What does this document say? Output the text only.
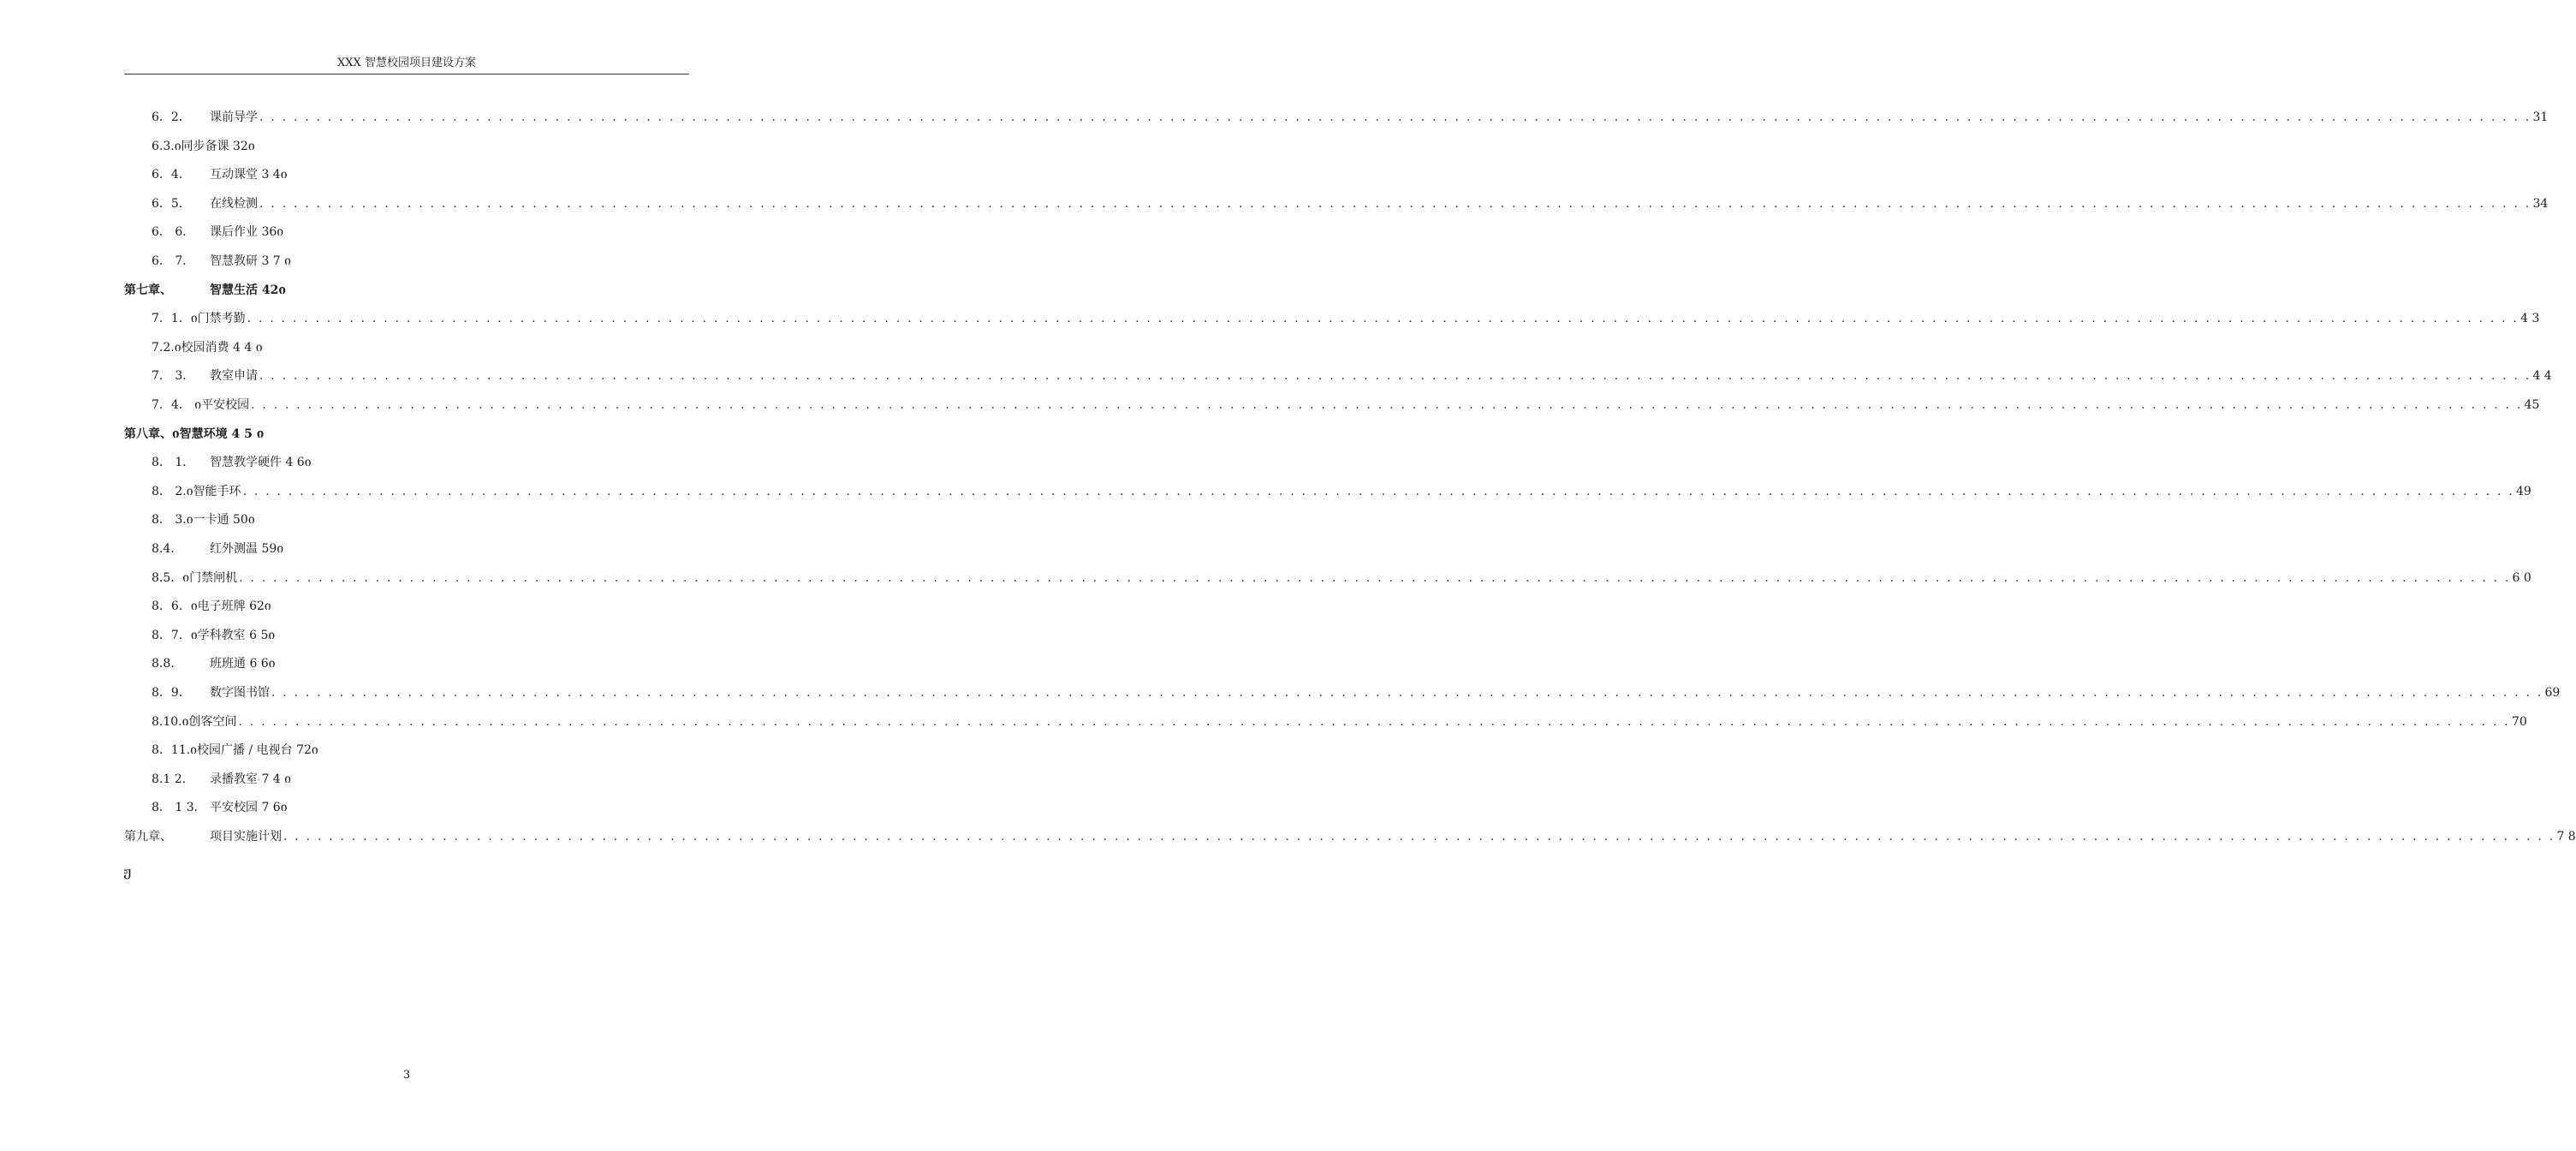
XXX 智慧校园项目建设方案
6．2． 课前导学 . . . . . . . . . . . . . . . . . . . . . . . . . . . . . . . . . . . . . . . . . . . . . . . . . . . . . . . . . . . . . . . . . . . . . . . . . . . . . . . . . . . . . . . . . . . . . . . . . . . . . . . . . . . . . . . . . . . . . . . . . . . . . . . . . . . . . . . . . . . . . . . . . . . . . . . . . . . . . . . . . . . . . . . . . . . . . . . . . . . . . . . . . . . . . . . . . . . . . . . . 31
6.3.ი同步备课 32ი
6．4． 互动课堂 3 4ი
6．5． 在线检测 . . . . . . . . . . . . . . . . . . . . . . . . . . . . . . . . . . . . . . . . . . . . . . . . . . . . . . . . . . . . . . . . . . . . . . . . . . . . . . . . . . . . . . . . . . . . . . . . . . . . . . . . . . . . . . . . . . . . . . . . . . . . . . . . . . . . . . . . . . . . . . . . . . . . . . . . . . . . . . . . . . . . . . . . . . . . . . . . . . . . . . . . . . . . . . . . . . . . . . . . 34
6． 6． 课后作业 36ი
6． 7． 智慧教研 3 7 ი
第七章、	智慧生活 42ი
7．1．ი门禁考勤 . . . . . . . . . . . . . . . . . . . . . . . . . . . . . . . . . . . . . . . . . . . . . . . . . . . . . . . . . . . . . . . . . . . . . . . . . . . . . . . . . . . . . . . . . . . . . . . . . . . . . . . . . . . . . . . . . . . . . . . . . . . . . . . . . . . . . . . . . . . . . . . . . . . . . . . . . . . . . . . . . . . . . . . . . . . . . . . . . . . . . . . . . . . . . . . . . . . . . . . . 4 3
7.2.ი校园消费 4 4 ი
7． 3． 教室申请 . . . . . . . . . . . . . . . . . . . . . . . . . . . . . . . . . . . . . . . . . . . . . . . . . . . . . . . . . . . . . . . . . . . . . . . . . . . . . . . . . . . . . . . . . . . . . . . . . . . . . . . . . . . . . . . . . . . . . . . . . . . . . . . . . . . . . . . . . . . . . . . . . . . . . . . . . . . . . . . . . . . . . . . . . . . . . . . . . . . . . . . . . . . . . . . . . . . . . . . . 4 4
7．4． ი平安校园 . . . . . . . . . . . . . . . . . . . . . . . . . . . . . . . . . . . . . . . . . . . . . . . . . . . . . . . . . . . . . . . . . . . . . . . . . . . . . . . . . . . . . . . . . . . . . . . . . . . . . . . . . . . . . . . . . . . . . . . . . . . . . . . . . . . . . . . . . . . . . . . . . . . . . . . . . . . . . . . . . . . . . . . . . . . . . . . . . . . . . . . . . . . . . . . . . . . . . . . . 45
第八章、ი智慧环境 4 5 ი
8． 1． 智慧教学硬件 4 6ი
8． 2.ი智能手环 . . . . . . . . . . . . . . . . . . . . . . . . . . . . . . . . . . . . . . . . . . . . . . . . . . . . . . . . . . . . . . . . . . . . . . . . . . . . . . . . . . . . . . . . . . . . . . . . . . . . . . . . . . . . . . . . . . . . . . . . . . . . . . . . . . . . . . . . . . . . . . . . . . . . . . . . . . . . . . . . . . . . . . . . . . . . . . . . . . . . . . . . . . . . . . . . . . . . . . . . 49
8． 3.ი一卡通 50ი
8.4． 红外测温 59ი
8.5．ი门禁闸机 . . . . . . . . . . . . . . . . . . . . . . . . . . . . . . . . . . . . . . . . . . . . . . . . . . . . . . . . . . . . . . . . . . . . . . . . . . . . . . . . . . . . . . . . . . . . . . . . . . . . . . . . . . . . . . . . . . . . . . . . . . . . . . . . . . . . . . . . . . . . . . . . . . . . . . . . . . . . . . . . . . . . . . . . . . . . . . . . . . . . . . . . . . . . . . . . . . . . . . . . 6 0
8．6．ი电子班牌 62ი
8．7．ი学科教室 6 5ი
8.8.	班班通 6 6ი
8．9． 数字图书馆 . . . . . . . . . . . . . . . . . . . . . . . . . . . . . . . . . . . . . . . . . . . . . . . . . . . . . . . . . . . . . . . . . . . . . . . . . . . . . . . . . . . . . . . . . . . . . . . . . . . . . . . . . . . . . . . . . . . . . . . . . . . . . . . . . . . . . . . . . . . . . . . . . . . . . . . . . . . . . . . . . . . . . . . . . . . . . . . . . . . . . . . . . . . . . . . . . . . . . . . . 69
8.10.ი创客空间 . . . . . . . . . . . . . . . . . . . . . . . . . . . . . . . . . . . . . . . . . . . . . . . . . . . . . . . . . . . . . . . . . . . . . . . . . . . . . . . . . . . . . . . . . . . . . . . . . . . . . . . . . . . . . . . . . . . . . . . . . . . . . . . . . . . . . . . . . . . . . . . . . . . . . . . . . . . . . . . . . . . . . . . . . . . . . . . . . . . . . . . . . . . . . . . . . . . . . . . . 70
8．11.ი校园广播 / 电视台 72ი
8.1 2． 录播教室 7 4 ი
8． 1 3． 平安校园 7 6ი
第九章、	项目实施计划 . . . . . . . . . . . . . . . . . . . . . . . . . . . . . . . . . . . . . . . . . . . . . . . . . . . . . . . . . . . . . . . . . . . . . . . . . . . . . . . . . . . . . . . . . . . . . . . . . . . . . . . . . . . . . . . . . . . . . . . . . . . . . . . . . . . . . . . . . . . . . . . . . . . . . . . . . . . . . . . . . . . . . . . . . . . . . . . . . . . . . . . . . . . . . . . . . . . . . . . . 7 8
ჟ
3
